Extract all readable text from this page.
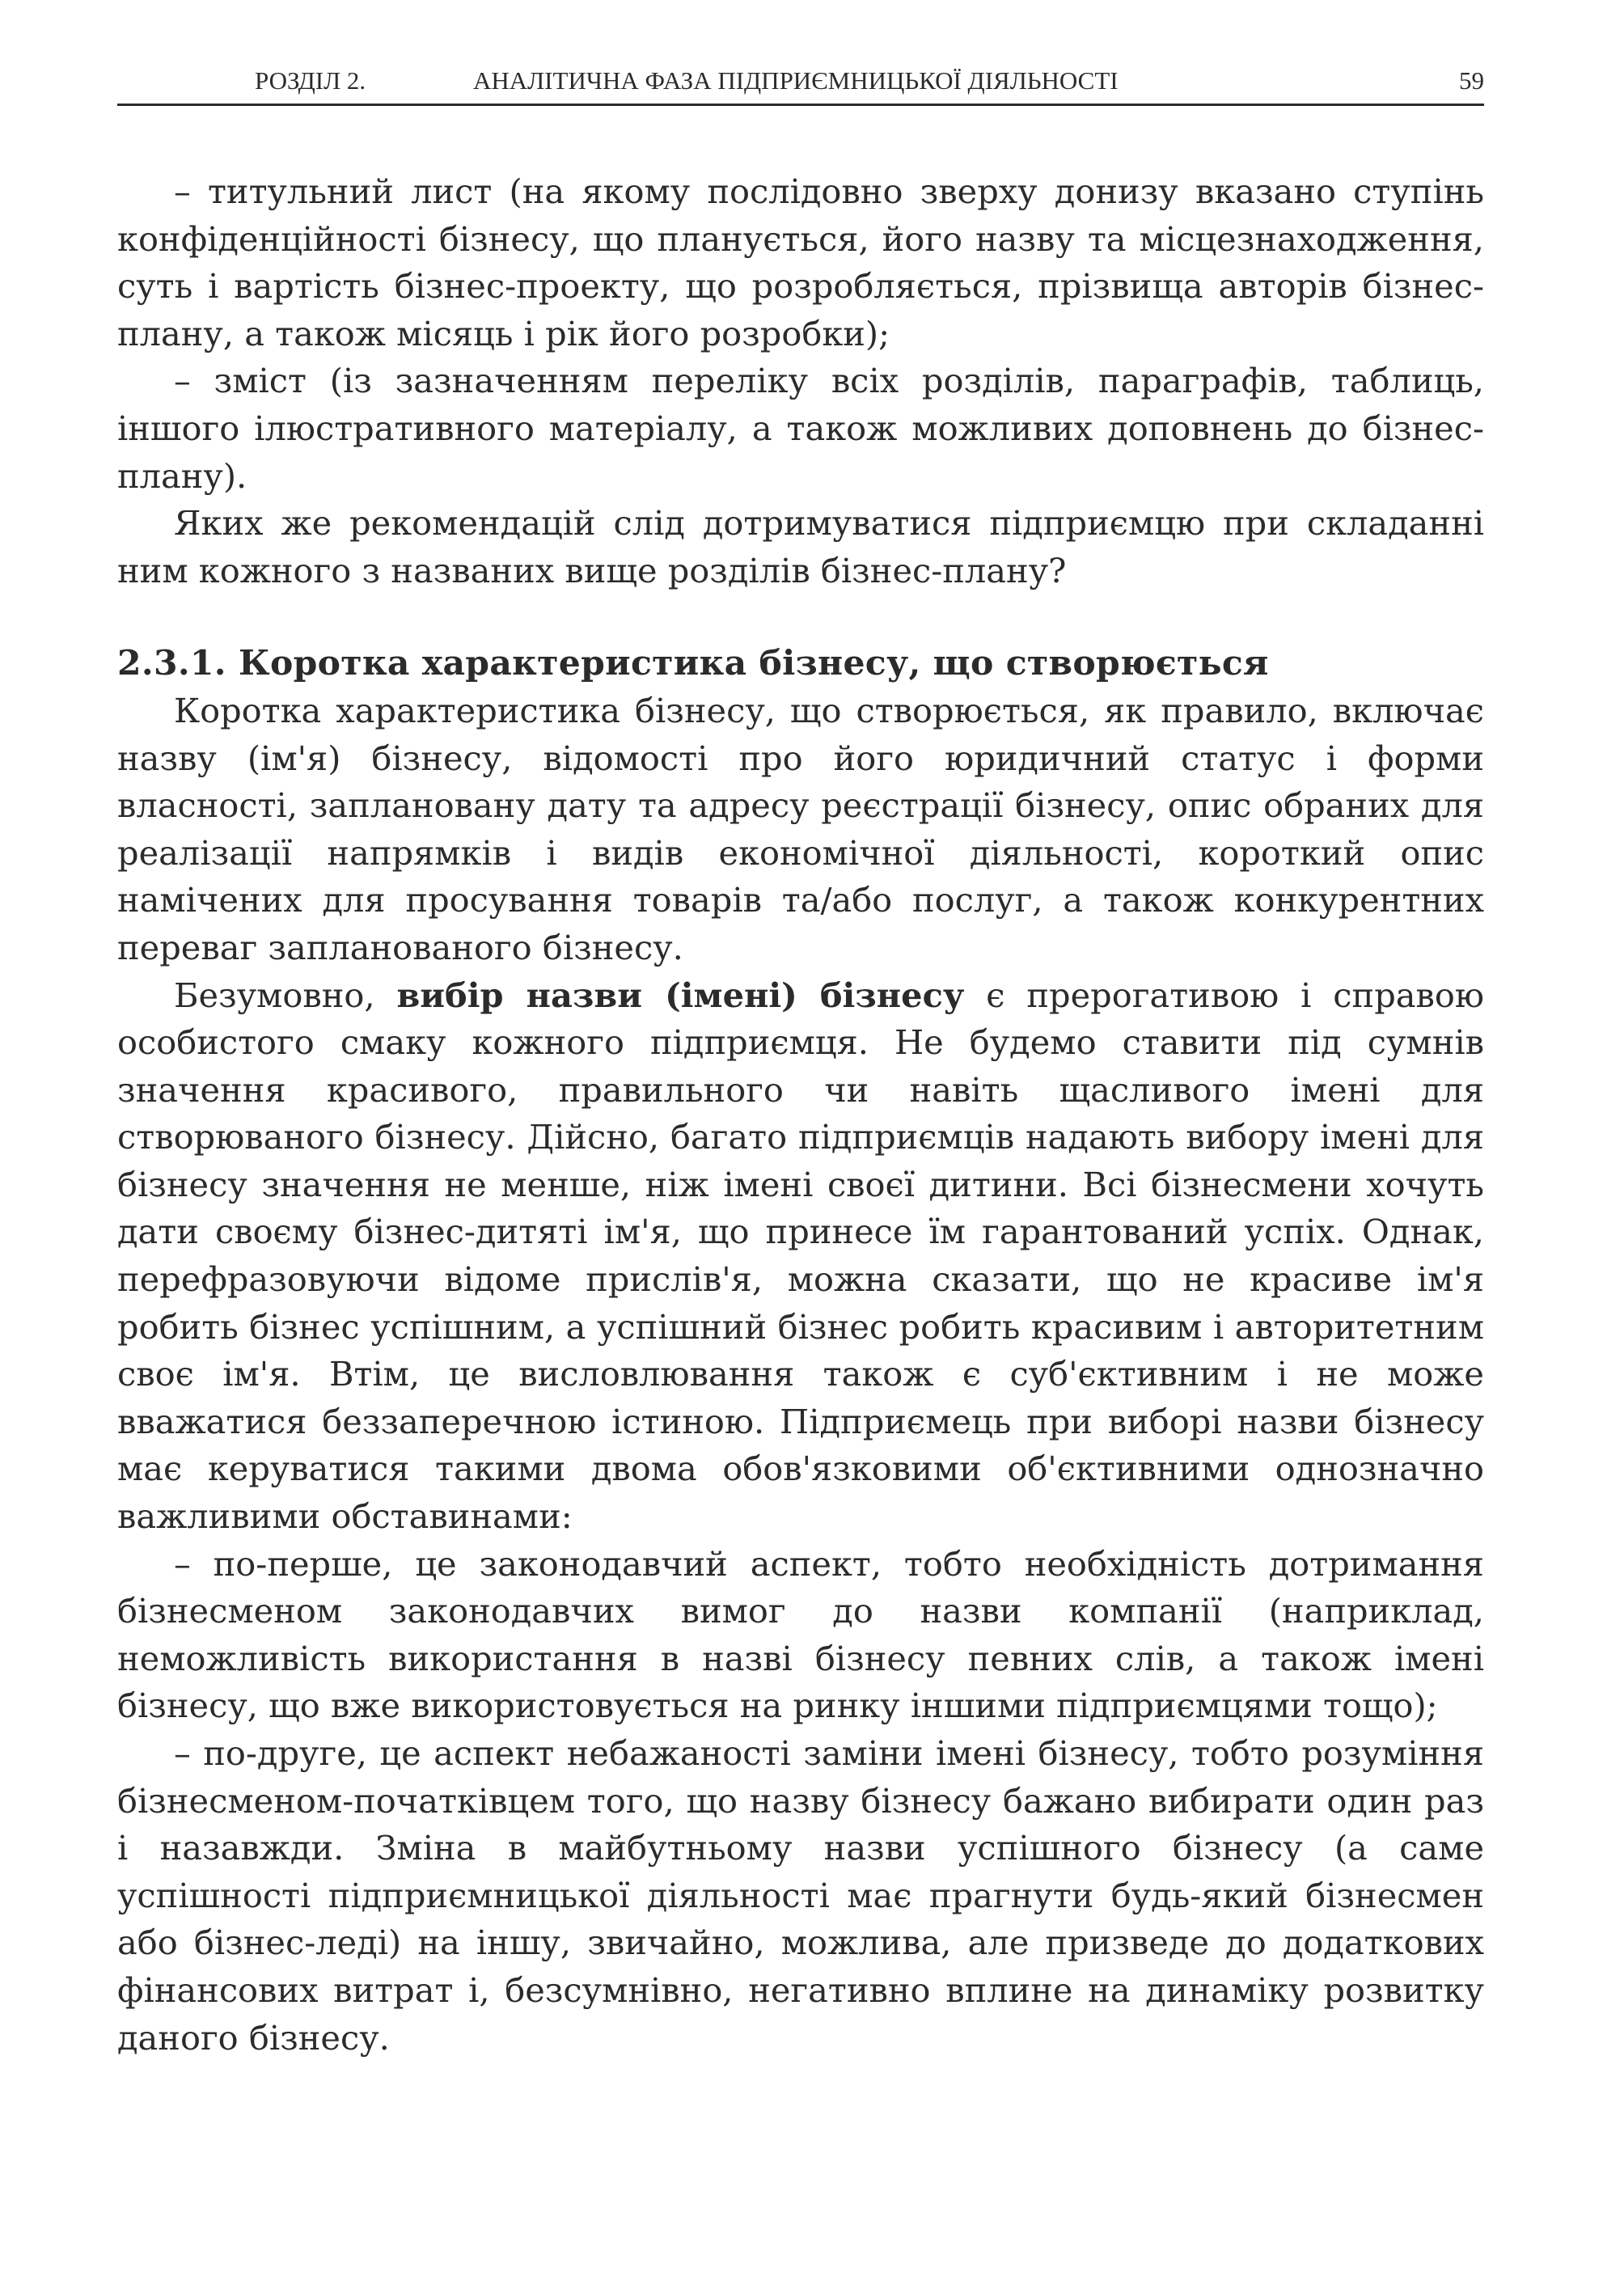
РОЗДІЛ 2.	АНАЛІТИЧНА ФАЗА ПІДПРИЄМНИЦЬКОЇ ДІЯЛЬНОСТІ	59

– титульний лист (на якому послідовно зверху донизу вказано ступінь конфіденційності бізнесу, що планується, його назву та місцезнаходження, суть і вартість бізнес-проекту, що розробляється, прізвища авторів бізнес-плану, а також місяць і рік його розробки);

– зміст (із зазначенням переліку всіх розділів, параграфів, таблиць, іншого ілюстративного матеріалу, а також можливих доповнень до бізнес-плану).

Яких же рекомендацій слід дотримуватися підприємцю при складанні ним кожного з названих вище розділів бізнес-плану?

2.3.1. Коротка характеристика бізнесу, що створюється

Коротка характеристика бізнесу, що створюється, як правило, включає назву (ім'я) бізнесу, відомості про його юридичний статус і форми власності, заплановану дату та адресу реєстрації бізнесу, опис обраних для реалізації напрямків і видів економічної діяльності, короткий опис намічених для просування товарів та/або послуг, а також конкурентних переваг запланованого бізнесу.

Безумовно, вибір назви (імені) бізнесу є прерогативою і справою особистого смаку кожного підприємця. Не будемо ставити під сумнів значення красивого, правильного чи навіть щасливого імені для створюваного бізнесу. Дійсно, багато підприємців надають вибору імені для бізнесу значення не менше, ніж імені своєї дитини. Всі бізнесмени хочуть дати своєму бізнес-дитяті ім'я, що принесе їм гарантований успіх. Однак, перефразовуючи відоме прислів'я, можна сказати, що не красиве ім'я робить бізнес успішним, а успішний бізнес робить красивим і авторитетним своє ім'я. Втім, це висловлювання також є суб'єктивним і не може вважатися беззаперечною істиною. Підприємець при виборі назви бізнесу має керуватися такими двома обов'язковими об'єктивними однозначно важливими обставинами:

– по-перше, це законодавчий аспект, тобто необхідність дотримання бізнесменом законодавчих вимог до назви компанії (наприклад, неможливість використання в назві бізнесу певних слів, а також імені бізнесу, що вже використовується на ринку іншими підприємцями тощо);

– по-друге, це аспект небажаності заміни імені бізнесу, тобто розуміння бізнесменом-початківцем того, що назву бізнесу бажано вибирати один раз і назавжди. Зміна в майбутньому назви успішного бізнесу (а саме успішності підприємницької діяльності має прагнути будь-який бізнесмен або бізнес-леді) на іншу, звичайно, можлива, але призведе до додаткових фінансових витрат і, безсумнівно, негативно вплине на динаміку розвитку даного бізнесу.
